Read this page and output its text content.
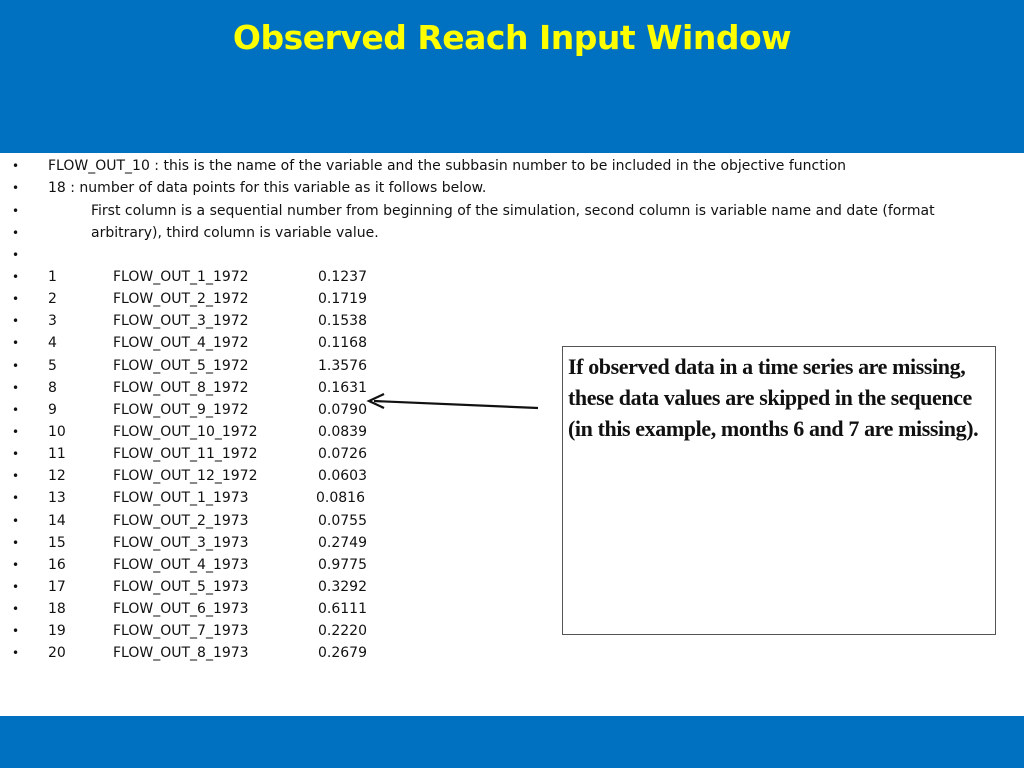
Observed Reach Input Window
• FLOW_OUT_10 : this is the name of the variable and the subbasin number to be included in the objective function
• 18 : number of data points for this variable as it follows below.
•	First column is a sequential number from beginning of the simulation, second column is variable name and date (format
•	arbitrary), third column is variable value.
•
• 1	FLOW_OUT_1_1972	0.1237
• 2	FLOW_OUT_2_1972	0.1719
• 3	FLOW_OUT_3_1972	0.1538
• 4	FLOW_OUT_4_1972	0.1168
• 5	FLOW_OUT_5_1972	1.3576
• 8	FLOW_OUT_8_1972	0.1631
• 9	FLOW_OUT_9_1972	0.0790
• 10	FLOW_OUT_10_1972	0.0839
• 11	FLOW_OUT_11_1972	0.0726
• 12	FLOW_OUT_12_1972	0.0603
• 13	FLOW_OUT_1_1973	0.0816
• 14	FLOW_OUT_2_1973	0.0755
• 15	FLOW_OUT_3_1973	0.2749
• 16	FLOW_OUT_4_1973	0.9775
• 17	FLOW_OUT_5_1973	0.3292
• 18	FLOW_OUT_6_1973	0.6111
• 19	FLOW_OUT_7_1973	0.2220
• 20	FLOW_OUT_8_1973	0.2679
If observed data in a time series are missing, these data values are skipped in the sequence (in this example, months 6 and 7 are missing).
